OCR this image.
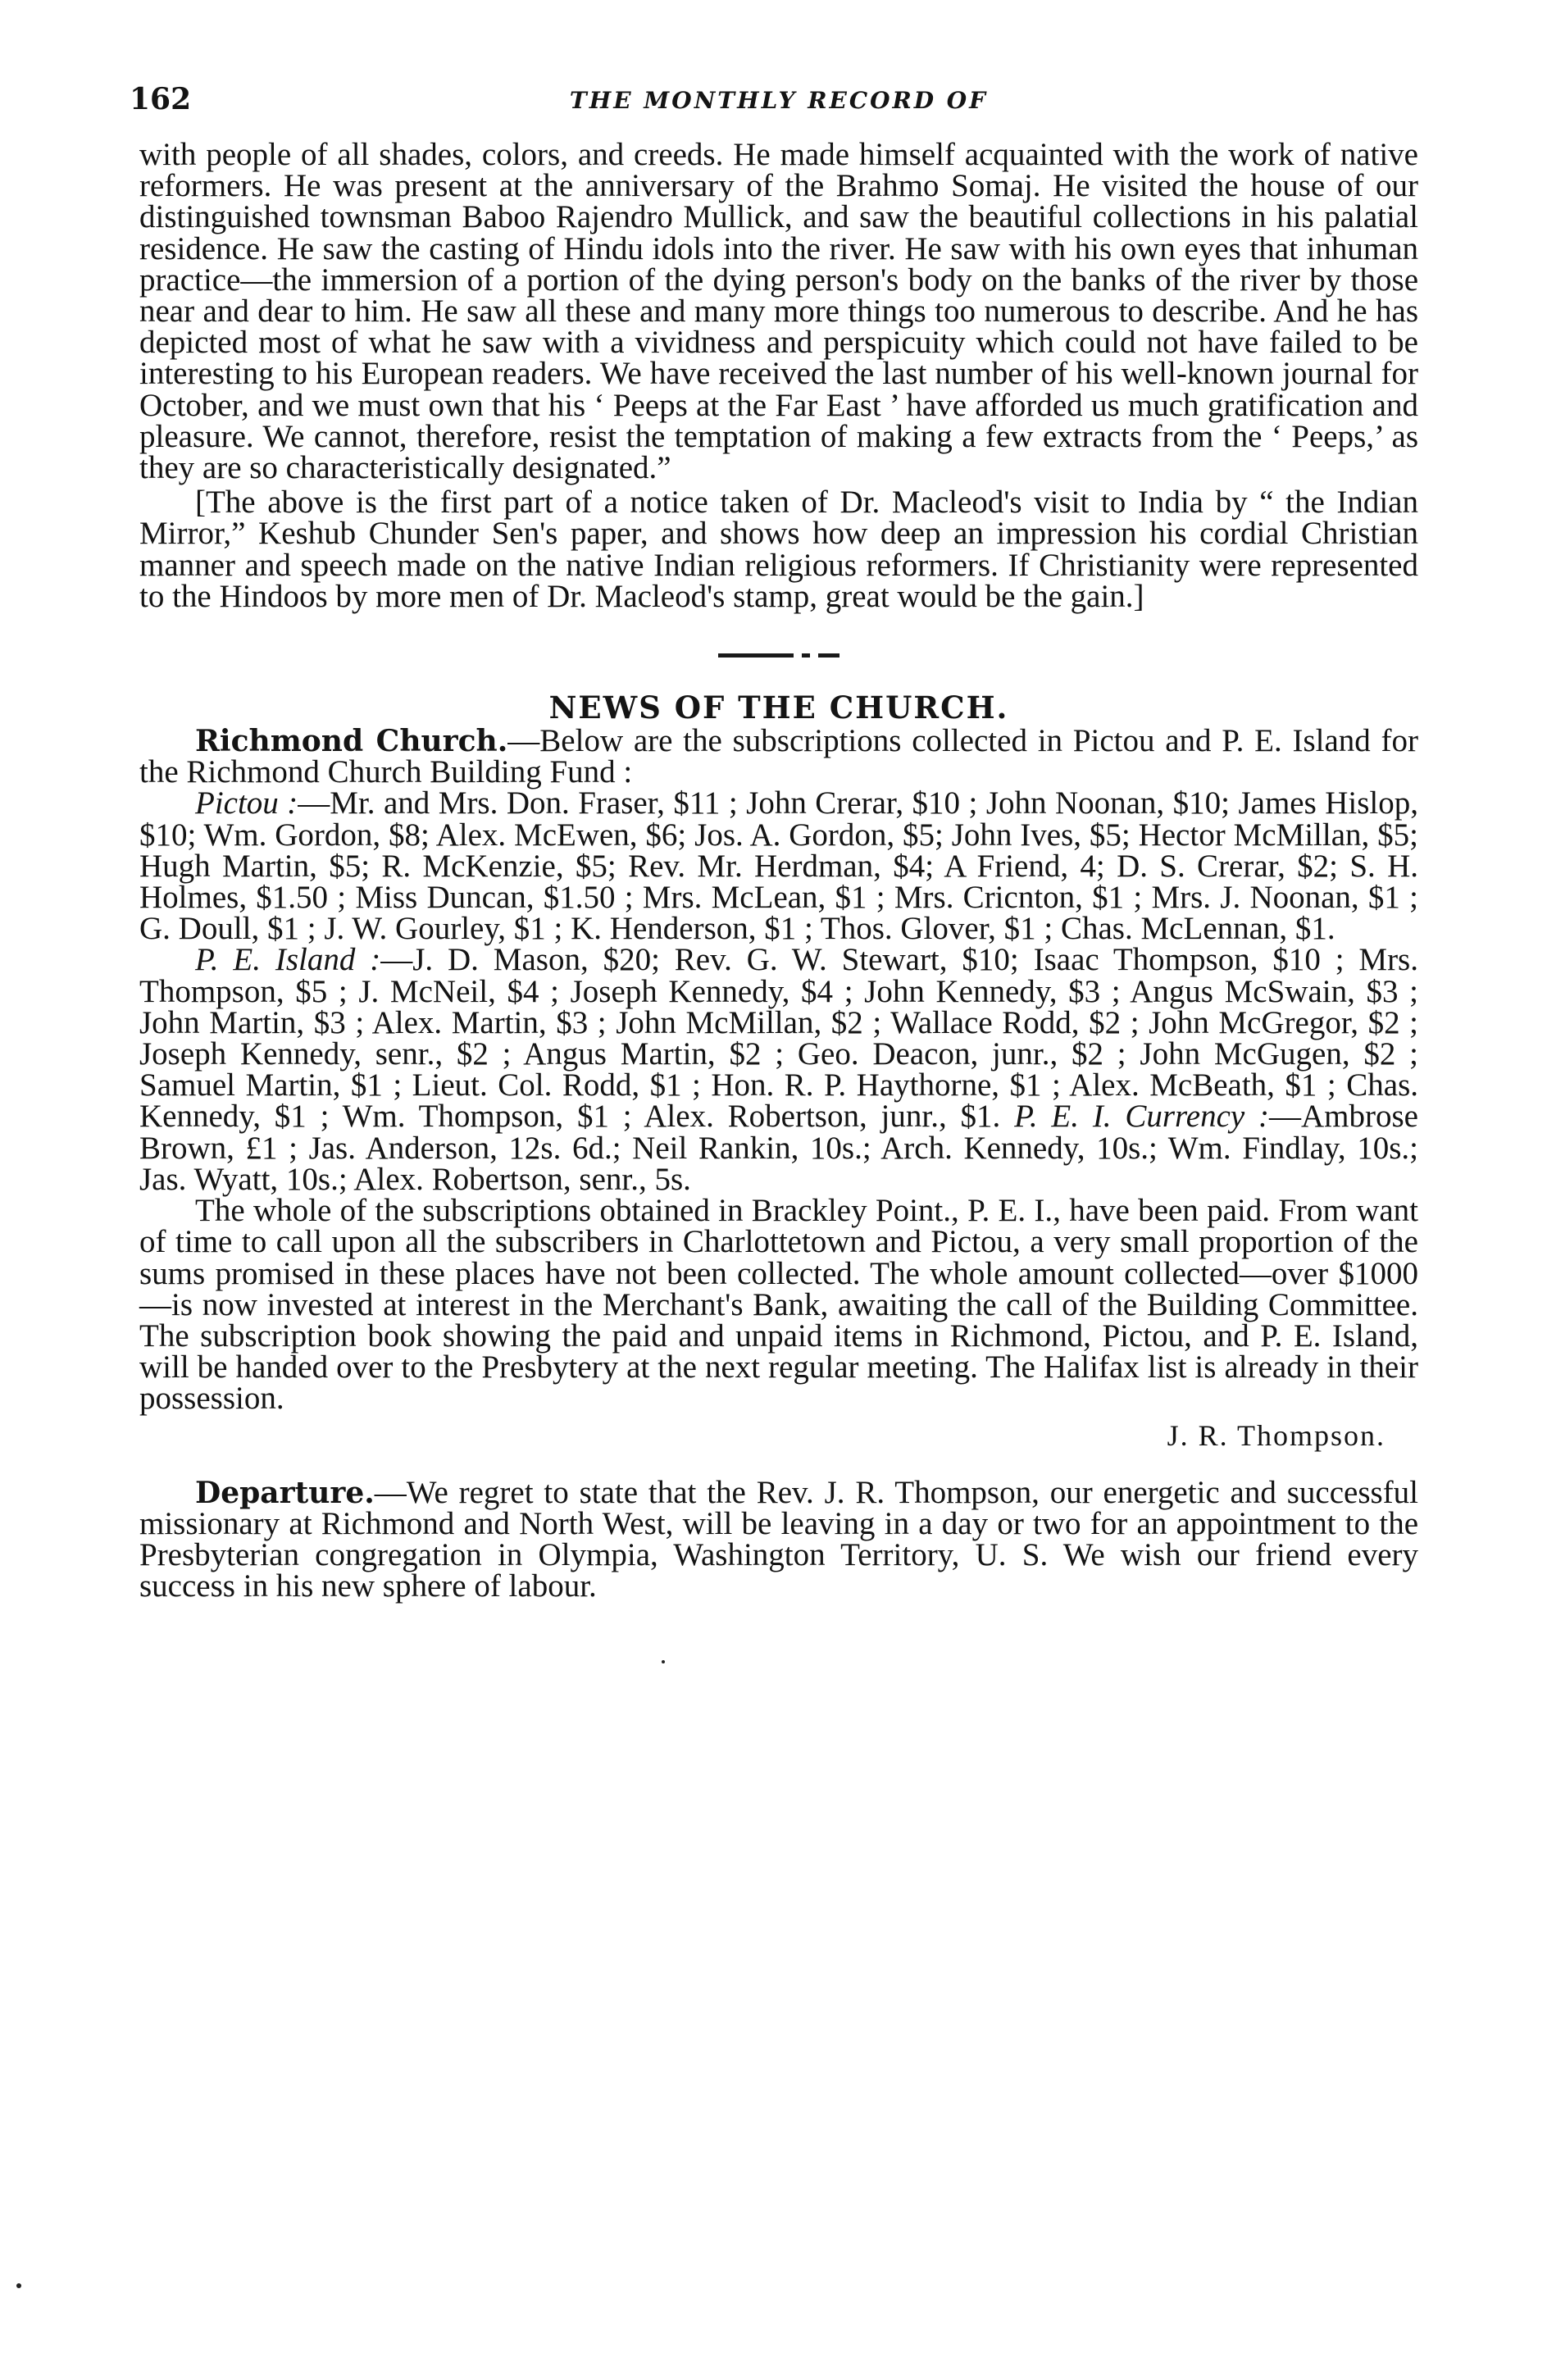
162	THE MONTHLY RECORD OF

with people of all shades, colors, and creeds. He made himself acquainted with the work of native reformers. He was present at the anniversary of the Brahmo Somaj. He visited the house of our distinguished townsman Baboo Rajendro Mullick, and saw the beautiful collections in his palatial residence. He saw the casting of Hindu idols into the river. He saw with his own eyes that inhuman practice—the immersion of a portion of the dying person's body on the banks of the river by those near and dear to him. He saw all these and many more things too numerous to describe. And he has depicted most of what he saw with a vividness and perspicuity which could not have failed to be interesting to his European readers. We have received the last number of his well-known journal for October, and we must own that his ‘ Peeps at the Far East ’ have afforded us much gratification and pleasure. We cannot, therefore, resist the temptation of making a few extracts from the ‘ Peeps,’ as they are so characteristically designated.”

[The above is the first part of a notice taken of Dr. Macleod's visit to India by “ the Indian Mirror,” Keshub Chunder Sen's paper, and shows how deep an impression his cordial Christian manner and speech made on the native Indian religious reformers. If Christianity were represented to the Hindoos by more men of Dr. Macleod's stamp, great would be the gain.]

NEWS OF THE CHURCH.

Richmond Church.—Below are the subscriptions collected in Pictou and P. E. Island for the Richmond Church Building Fund :

Pictou :—Mr. and Mrs. Don. Fraser, $11 ; John Crerar, $10 ; John Noonan, $10; James Hislop, $10; Wm. Gordon, $8; Alex. McEwen, $6; Jos. A. Gordon, $5; John Ives, $5; Hector McMillan, $5; Hugh Martin, $5; R. McKenzie, $5; Rev. Mr. Herdman, $4; A Friend, 4; D. S. Crerar, $2; S. H. Holmes, $1.50 ; Miss Duncan, $1.50 ; Mrs. McLean, $1 ; Mrs. Cricnton, $1 ; Mrs. J. Noonan, $1 ; G. Doull, $1 ; J. W. Gourley, $1 ; K. Henderson, $1 ; Thos. Glover, $1 ; Chas. McLennan, $1.

P. E. Island :—J. D. Mason, $20; Rev. G. W. Stewart, $10; Isaac Thompson, $10 ; Mrs. Thompson, $5 ; J. McNeil, $4 ; Joseph Kennedy, $4 ; John Kennedy, $3 ; Angus McSwain, $3 ; John Martin, $3 ; Alex. Martin, $3 ; John McMillan, $2 ; Wallace Rodd, $2 ; John McGregor, $2 ; Joseph Kennedy, senr., $2 ; Angus Martin, $2 ; Geo. Deacon, junr., $2 ; John McGugen, $2 ; Samuel Martin, $1 ; Lieut. Col. Rodd, $1 ; Hon. R. P. Haythorne, $1 ; Alex. McBeath, $1 ; Chas. Kennedy, $1 ; Wm. Thompson, $1 ; Alex. Robertson, junr., $1. P. E. I. Currency :—Ambrose Brown, £1 ; Jas. Anderson, 12s. 6d.; Neil Rankin, 10s.; Arch. Kennedy, 10s.; Wm. Findlay, 10s.; Jas. Wyatt, 10s.; Alex. Robertson, senr., 5s.

The whole of the subscriptions obtained in Brackley Point., P. E. I., have been paid. From want of time to call upon all the subscribers in Charlottetown and Pictou, a very small proportion of the sums promised in these places have not been collected. The whole amount collected—over $1000—is now invested at interest in the Merchant's Bank, awaiting the call of the Building Committee. The subscription book showing the paid and unpaid items in Richmond, Pictou, and P. E. Island, will be handed over to the Presbytery at the next regular meeting. The Halifax list is already in their possession.

J. R. Thompson.

Departure.—We regret to state that the Rev. J. R. Thompson, our energetic and successful missionary at Richmond and North West, will be leaving in a day or two for an appointment to the Presbyterian congregation in Olympia, Washington Territory, U. S. We wish our friend every success in his new sphere of labour.
